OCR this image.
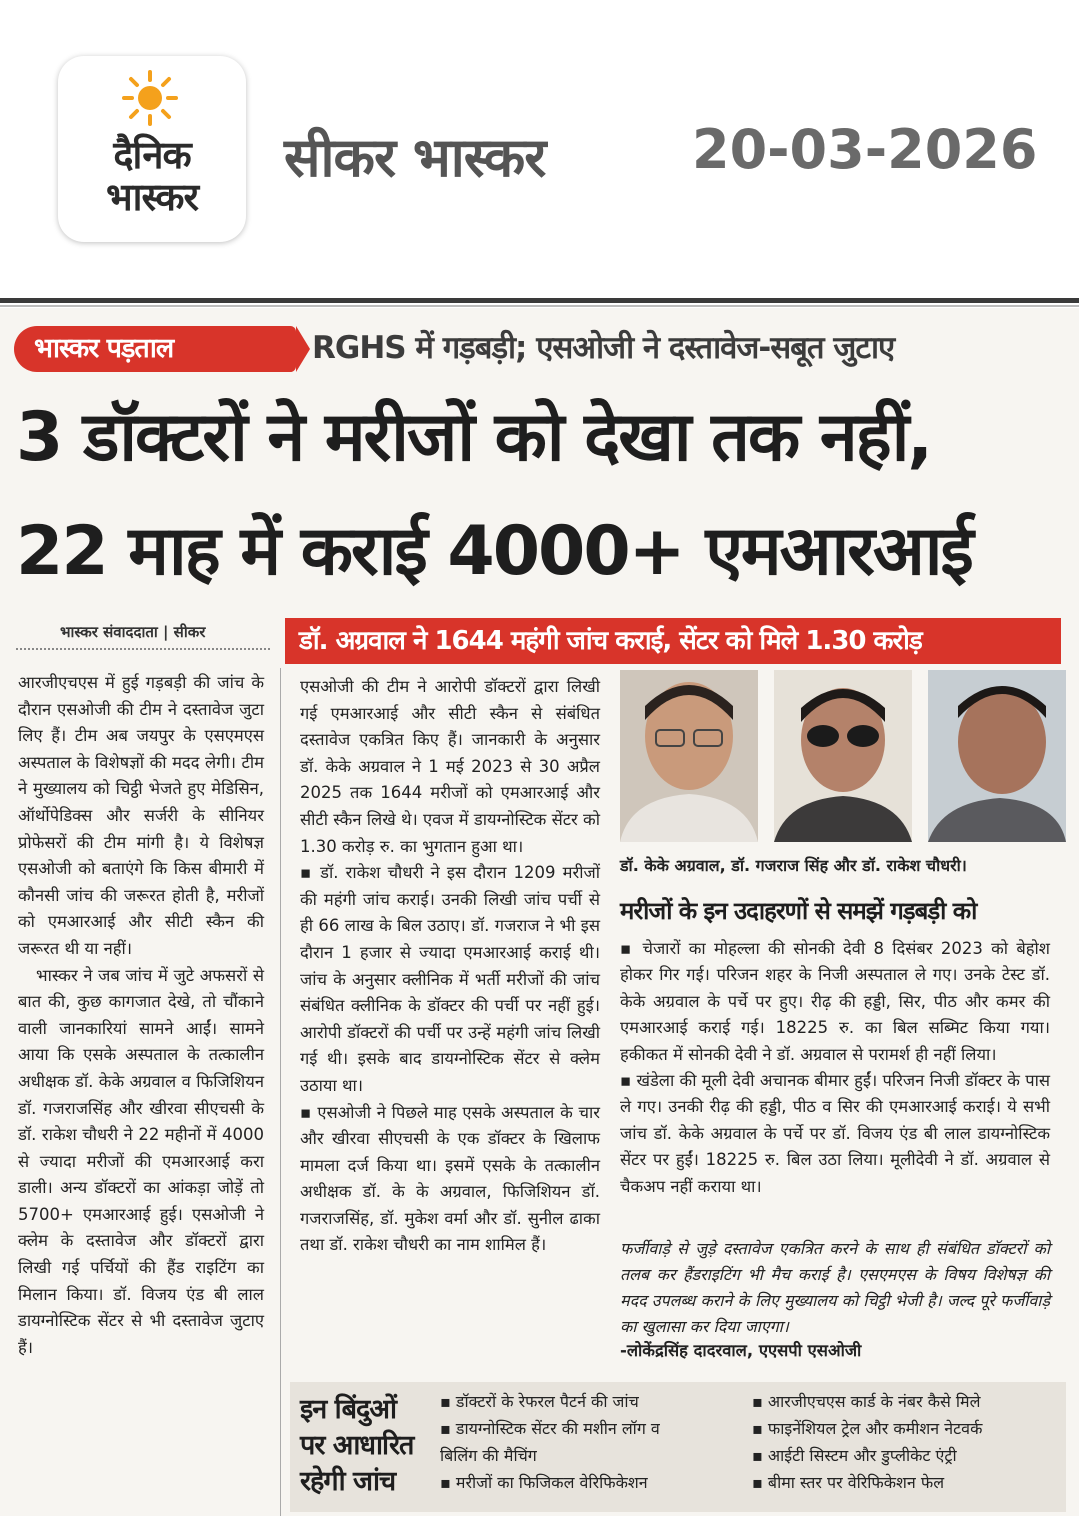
दैनिक
भास्कर
सीकर भास्कर	20-03-2026
भास्कर पड़ताल	RGHS में गड़बड़ी; एसओजी ने दस्तावेज-सबूत जुटाए
3 डॉक्टरों ने मरीजों को देखा तक नहीं,
22 माह में कराई 4000+ एमआरआई
भास्कर संवाददाता | सीकर	डॉ. अग्रवाल ने 1644 महंगी जांच कराई, सेंटर को मिले 1.30 करोड़

आरजीएचएस में हुई गड़बड़ी की जांच के दौरान एसओजी की टीम ने दस्तावेज जुटा लिए हैं। टीम अब जयपुर के एसएमएस अस्पताल के विशेषज्ञों की मदद लेगी। टीम ने मुख्यालय को चिट्ठी भेजते हुए मेडिसिन, ऑर्थोपेडिक्स और सर्जरी के सीनियर प्रोफेसरों की टीम मांगी है। ये विशेषज्ञ एसओजी को बताएंगे कि किस बीमारी में कौनसी जांच की जरूरत होती है, मरीजों को एमआरआई और सीटी स्कैन की जरूरत थी या नहीं।

भास्कर ने जब जांच में जुटे अफसरों से बात की, कुछ कागजात देखे, तो चौंकाने वाली जानकारियां सामने आईं। सामने आया कि एसके अस्पताल के तत्कालीन अधीक्षक डॉ. केके अग्रवाल व फिजिशियन डॉ. गजराजसिंह और खीरवा सीएचसी के डॉ. राकेश चौधरी ने 22 महीनों में 4000 से ज्यादा मरीजों की एमआरआई करा डाली। अन्य डॉक्टरों का आंकड़ा जोड़ें तो 5700+ एमआरआई हुई। एसओजी ने क्लेम के दस्तावेज और डॉक्टरों द्वारा लिखी गई पर्चियों की हैंड राइटिंग का मिलान किया। डॉ. विजय एंड बी लाल डायग्नोस्टिक सेंटर से भी दस्तावेज जुटाए हैं।

एसओजी की टीम ने आरोपी डॉक्टरों द्वारा लिखी गई एमआरआई और सीटी स्कैन से संबंधित दस्तावेज एकत्रित किए हैं। जानकारी के अनुसार डॉ. केके अग्रवाल ने 1 मई 2023 से 30 अप्रैल 2025 तक 1644 मरीजों को एमआरआई और सीटी स्कैन लिखे थे। एवज में डायग्नोस्टिक सेंटर को 1.30 करोड़ रु. का भुगतान हुआ था।

▪ डॉ. राकेश चौधरी ने इस दौरान 1209 मरीजों की महंगी जांच कराई। उनकी लिखी जांच पर्ची से ही 66 लाख के बिल उठाए। डॉ. गजराज ने भी इस दौरान 1 हजार से ज्यादा एमआरआई कराई थी। जांच के अनुसार क्लीनिक में भर्ती मरीजों की जांच संबंधित क्लीनिक के डॉक्टर की पर्ची पर नहीं हुई। आरोपी डॉक्टरों की पर्ची पर उन्हें महंगी जांच लिखी गई थी। इसके बाद डायग्नोस्टिक सेंटर से क्लेम उठाया था।

▪ एसओजी ने पिछले माह एसके अस्पताल के चार और खीरवा सीएचसी के एक डॉक्टर के खिलाफ मामला दर्ज किया था। इसमें एसके के तत्कालीन अधीक्षक डॉ. के के अग्रवाल, फिजिशियन डॉ. गजराजसिंह, डॉ. मुकेश वर्मा और डॉ. सुनील ढाका तथा डॉ. राकेश चौधरी का नाम शामिल हैं।

डॉ. केके अग्रवाल, डॉ. गजराज सिंह और डॉ. राकेश चौधरी।
मरीजों के इन उदाहरणों से समझें गड़बड़ी को

▪ चेजारों का मोहल्ला की सोनकी देवी 8 दिसंबर 2023 को बेहोश होकर गिर गई। परिजन शहर के निजी अस्पताल ले गए। उनके टेस्ट डॉ. केके अग्रवाल के पर्चे पर हुए। रीढ़ की हड्डी, सिर, पीठ और कमर की एमआरआई कराई गई। 18225 रु. का बिल सब्मिट किया गया। हकीकत में सोनकी देवी ने डॉ. अग्रवाल से परामर्श ही नहीं लिया।

▪ खंडेला की मूली देवी अचानक बीमार हुईं। परिजन निजी डॉक्टर के पास ले गए। उनकी रीढ़ की हड्डी, पीठ व सिर की एमआरआई कराई। ये सभी जांच डॉ. केके अग्रवाल के पर्चे पर डॉ. विजय एंड बी लाल डायग्नोस्टिक सेंटर पर हुईं। 18225 रु. बिल उठा लिया। मूलीदेवी ने डॉ. अग्रवाल से चैकअप नहीं कराया था।

फर्जीवाड़े से जुड़े दस्तावेज एकत्रित करने के साथ ही संबंधित डॉक्टरों को तलब कर हैंडराइटिंग भी मैच कराई है। एसएमएस के विषय विशेषज्ञ की मदद उपलब्ध कराने के लिए मुख्यालय को चिट्ठी भेजी है। जल्द पूरे फर्जीवाड़े का खुलासा कर दिया जाएगा।
-लोकेंद्रसिंह दादरवाल, एएसपी एसओजी
इन बिंदुओं पर आधारित रहेगी जांच
▪ डॉक्टरों के रेफरल पैटर्न की जांच
▪ डायग्नोस्टिक सेंटर की मशीन लॉग व
बिलिंग की मैचिंग
▪ मरीजों का फिजिकल वेरिफिकेशन
▪ आरजीएचएस कार्ड के नंबर कैसे मिले
▪ फाइनेंशियल ट्रेल और कमीशन नेटवर्क
▪ आईटी सिस्टम और डुप्लीकेट एंट्री
▪ बीमा स्तर पर वेरिफिकेशन फेल
